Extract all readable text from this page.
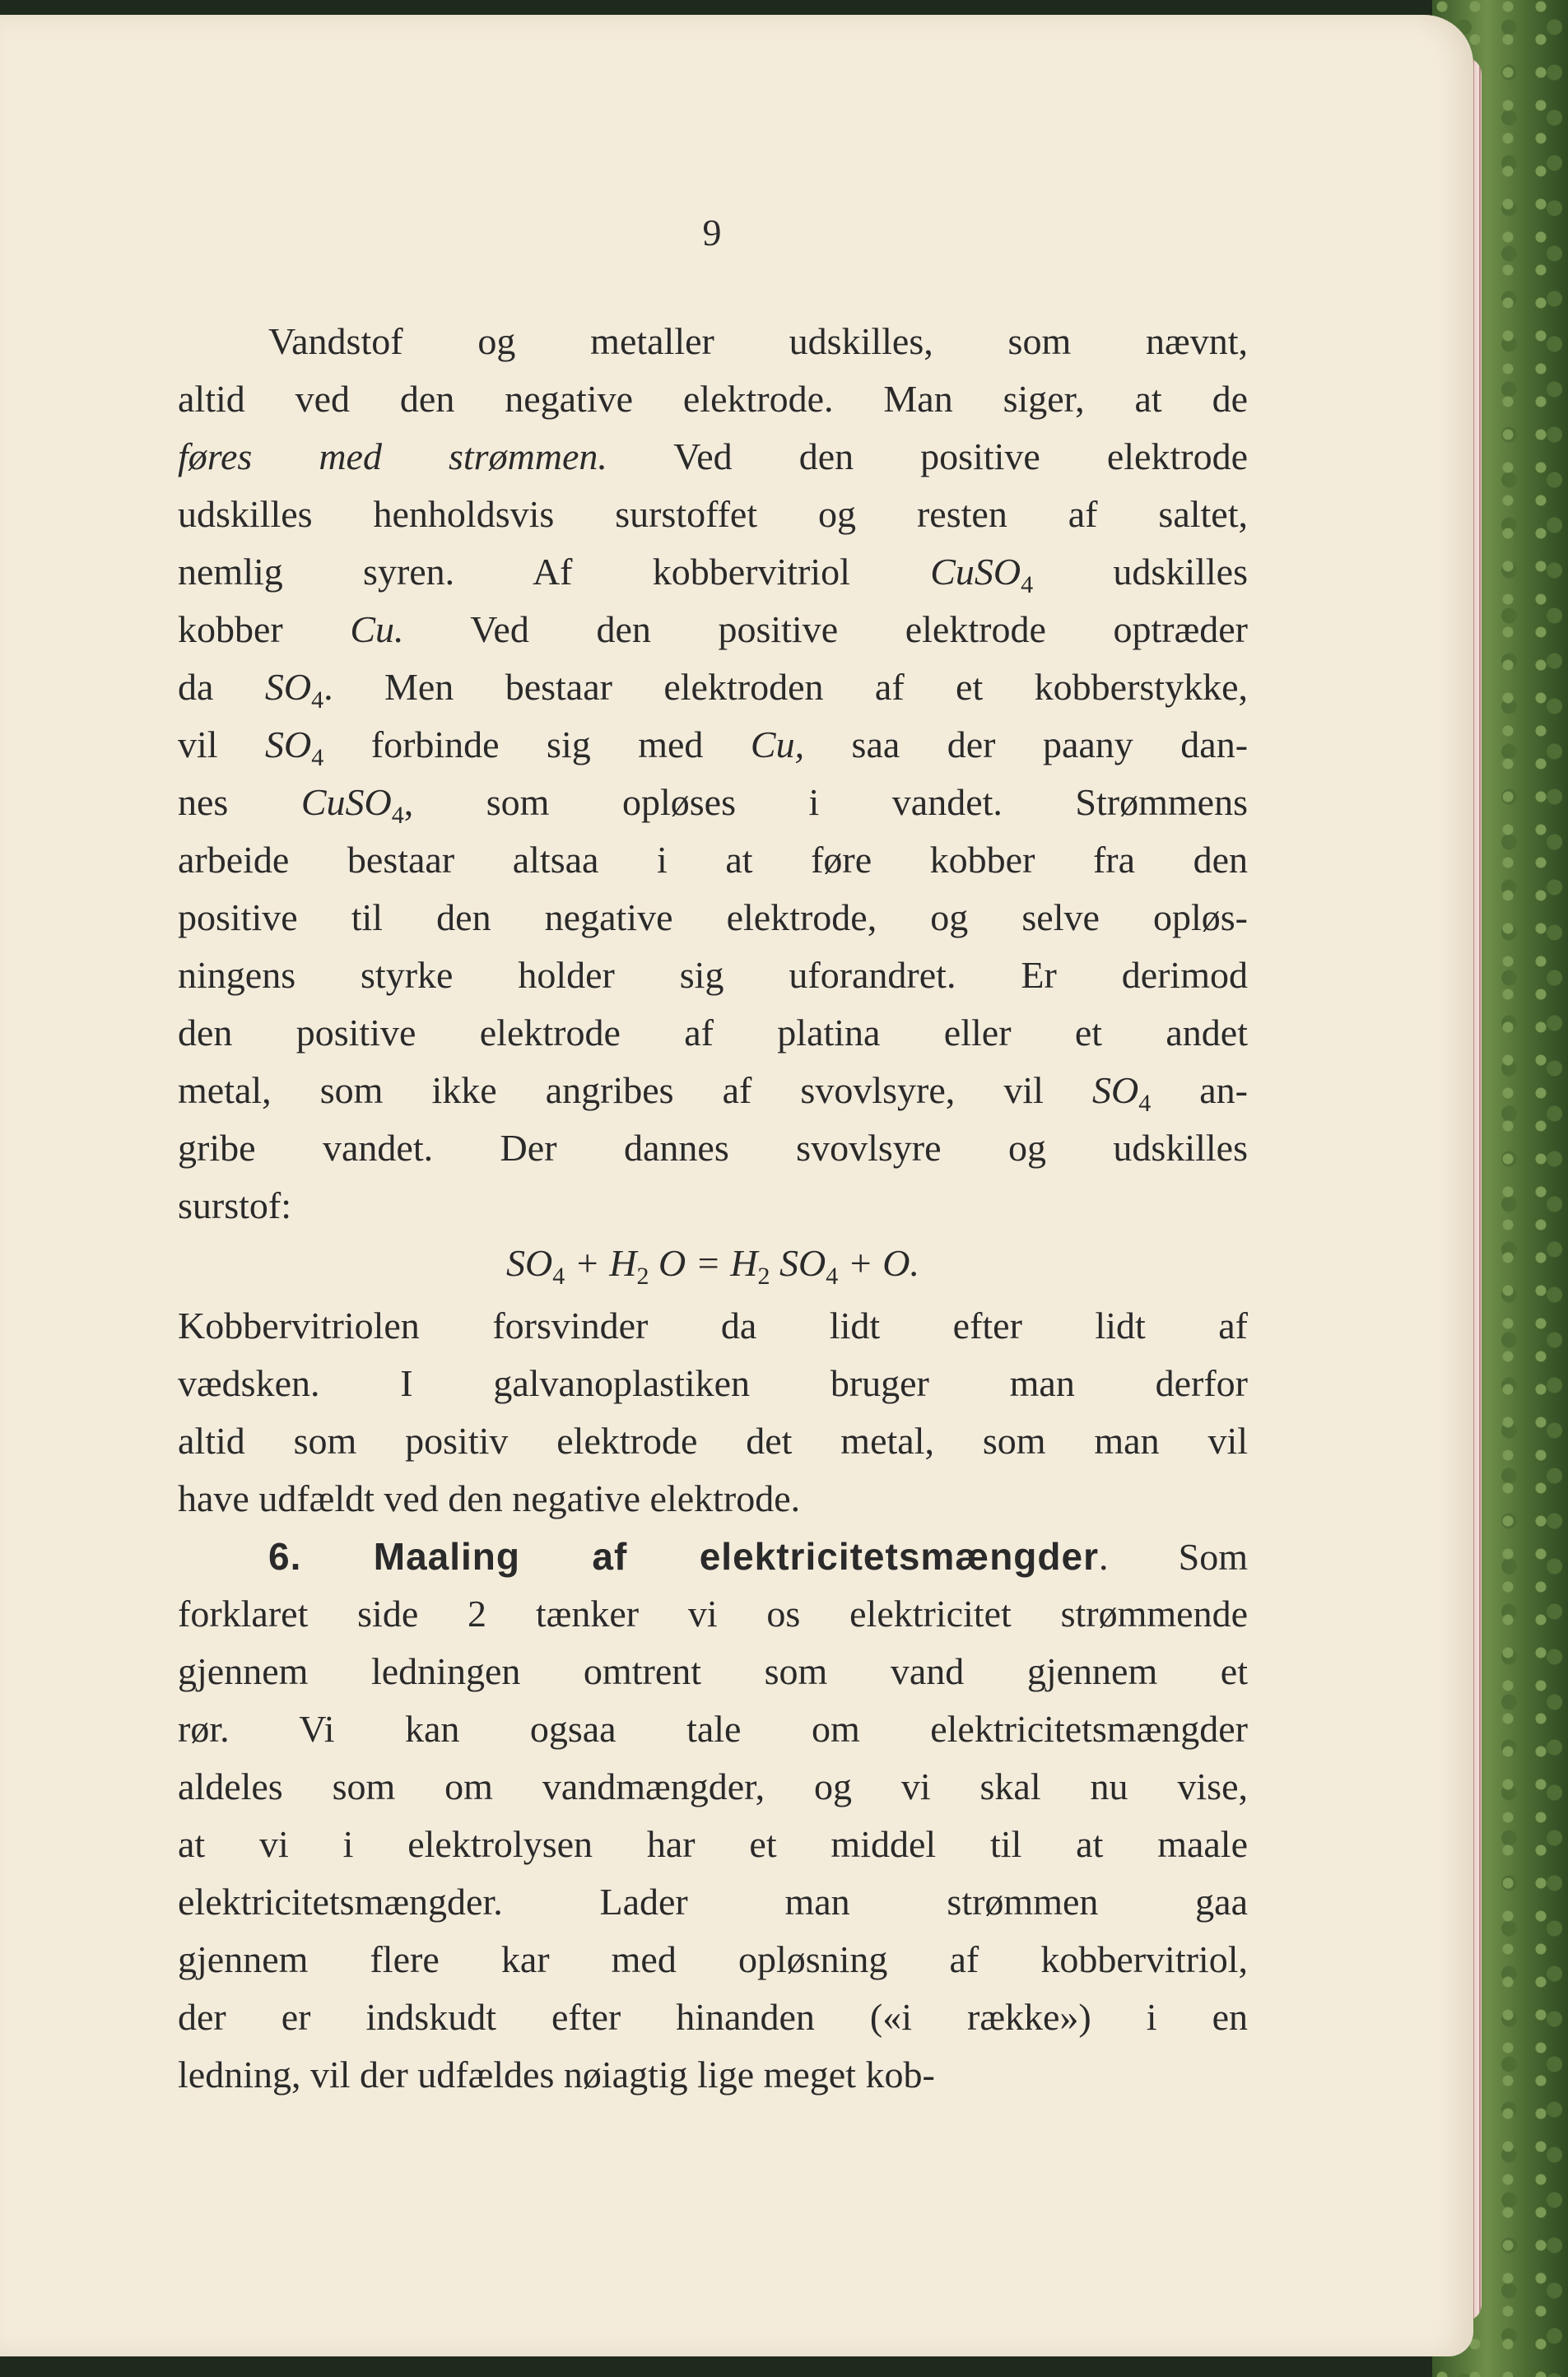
9
Vandstof og metaller udskilles, som nævnt,
altid ved den negative elektrode. Man siger, at de
føres med strømmen. Ved den positive elektrode
udskilles henholdsvis surstoffet og resten af saltet,
nemlig syren. Af kobbervitriol CuSO$_4$ udskilles
kobber Cu. Ved den positive elektrode optræder
da $SO_4$. Men bestaar elektroden af et kobberstykke,
vil $SO_4$ forbinde sig med Cu, saa der paany dan-
nes CuSO$_4$, som opløses i vandet. Strømmens
arbeide bestaar altsaa i at føre kobber fra den
positive til den negative elektrode, og selve opløs-
ningens styrke holder sig uforandret. Er derimod
den positive elektrode af platina eller et andet
metal, som ikke angribes af svovlsyre, vil $SO_4$ an-
gribe vandet. Der dannes svovlsyre og udskilles
surstof:
$SO_4 + H_2$ $O = H_2$ $SO_4 + O$.
Kobbervitriolen forsvinder da lidt efter lidt af
vædsken. I galvanoplastiken bruger man derfor
altid som positiv elektrode det metal, som man vil
have udfældt ved den negative elektrode.
6. Maaling af elektricitetsmængder. Som
forklaret side 2 tænker vi os elektricitet strømmende
gjennem ledningen omtrent som vand gjennem et
rør. Vi kan ogsaa tale om elektricitetsmængder
aldeles som om vandmængder, og vi skal nu vise,
at vi i elektrolysen har et middel til at maale
elektricitetsmængder. Lader man strømmen gaa
gjennem flere kar med opløsning af kobbervitriol,
der er indskudt efter hinanden («i række») i en
ledning, vil der udfældes nøiagtig lige meget kob-
